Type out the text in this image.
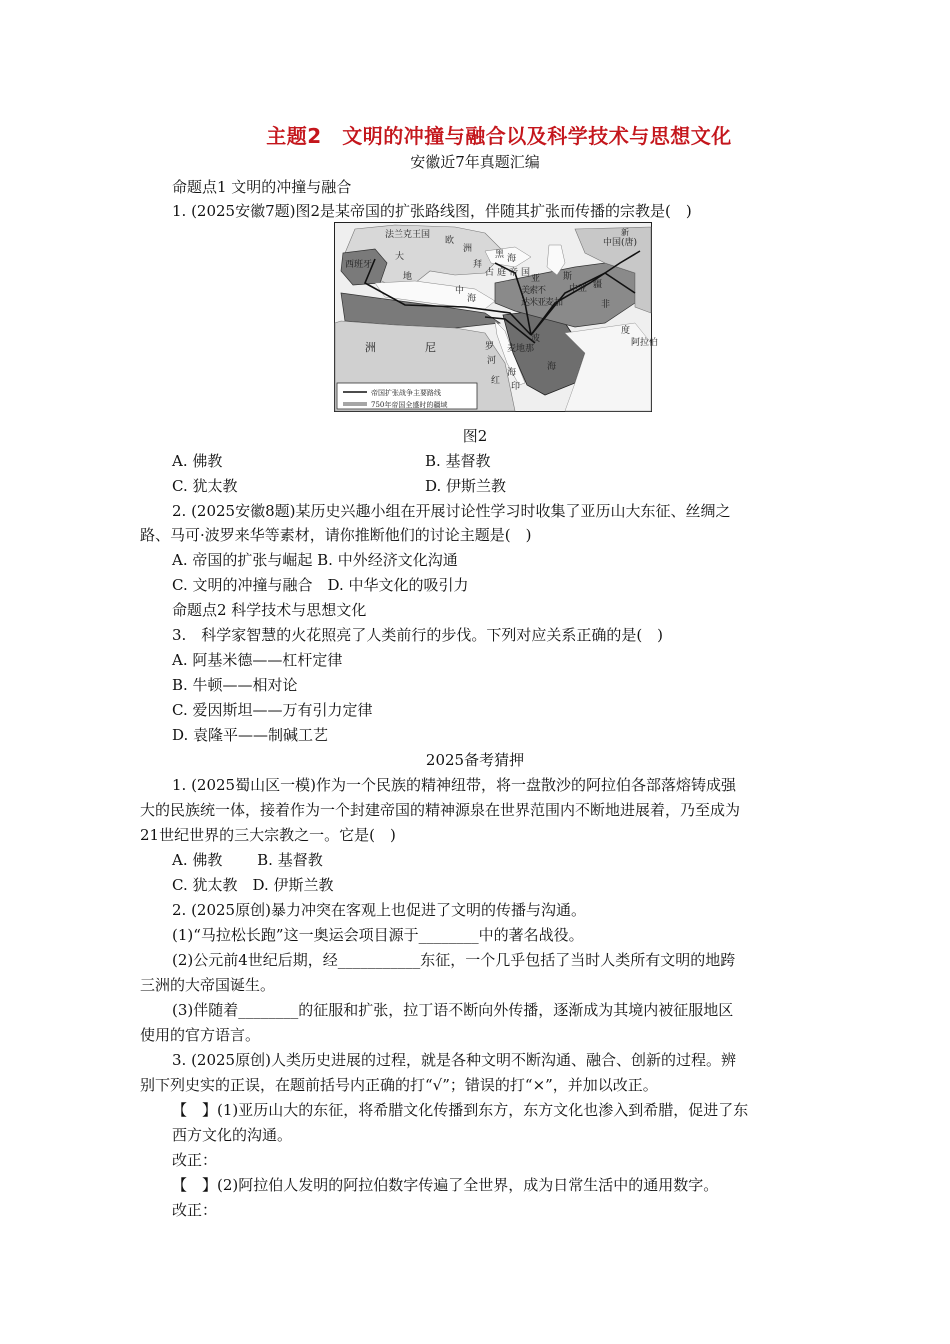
主题2　文明的冲撞与融合以及科学技术与思想文化
安徽近7年真题汇编
命题点1 文明的冲撞与融合
1. (2025安徽7题)图2是某帝国的扩张路线图，伴随其扩张而传播的宗教是(　)
帝国扩张战争主要路线
750年帝国全盛时的疆域
法兰克王国
西班牙
大
欧
洲
黑
拜
海
占 庭 帝 国
中
地
海
亚
美
索
不
达
米
亚
麦加
麦地那
波
斯
中亚
中国(唐)
新
疆
非
洲	尼	罗
河
红
海
印
度
阿拉伯
海
图2
A. 佛教	B. 基督教
C. 犹太教	D. 伊斯兰教
2. (2025安徽8题)某历史兴趣小组在开展讨论性学习时收集了亚历山大东征、丝绸之
路、马可·波罗来华等素材，请你推断他们的讨论主题是(　)
A. 帝国的扩张与崛起 B. 中外经济文化沟通
C. 文明的冲撞与融合　D. 中华文化的吸引力
命题点2 科学技术与思想文化
3.　科学家智慧的火花照亮了人类前行的步伐。下列对应关系正确的是(　)
A. 阿基米德——杠杆定律
B. 牛顿——相对论
C. 爱因斯坦——万有引力定律
D. 袁隆平——制碱工艺
2025备考猜押
1. (2025蜀山区一模)作为一个民族的精神纽带，将一盘散沙的阿拉伯各部落熔铸成强
大的民族统一体，接着作为一个封建帝国的精神源泉在世界范围内不断地进展着，乃至成为
21世纪世界的三大宗教之一。它是(　)
A. 佛教　　 B. 基督教
C. 犹太教　D. 伊斯兰教
2. (2025原创)暴力冲突在客观上也促进了文明的传播与沟通。
(1)“马拉松长跑”这一奥运会项目源于________中的著名战役。
(2)公元前4世纪后期，经___________东征，一个几乎包括了当时人类所有文明的地跨
三洲的大帝国诞生。
(3)伴随着________的征服和扩张，拉丁语不断向外传播，逐渐成为其境内被征服地区
使用的官方语言。
3. (2025原创)人类历史进展的过程，就是各种文明不断沟通、融合、创新的过程。辨
别下列史实的正误，在题前括号内正确的打“√”；错误的打“×”，并加以改正。
【　】(1)亚历山大的东征，将希腊文化传播到东方，东方文化也渗入到希腊，促进了东
西方文化的沟通。
改正：
【　】(2)阿拉伯人发明的阿拉伯数字传遍了全世界，成为日常生活中的通用数字。
改正：
